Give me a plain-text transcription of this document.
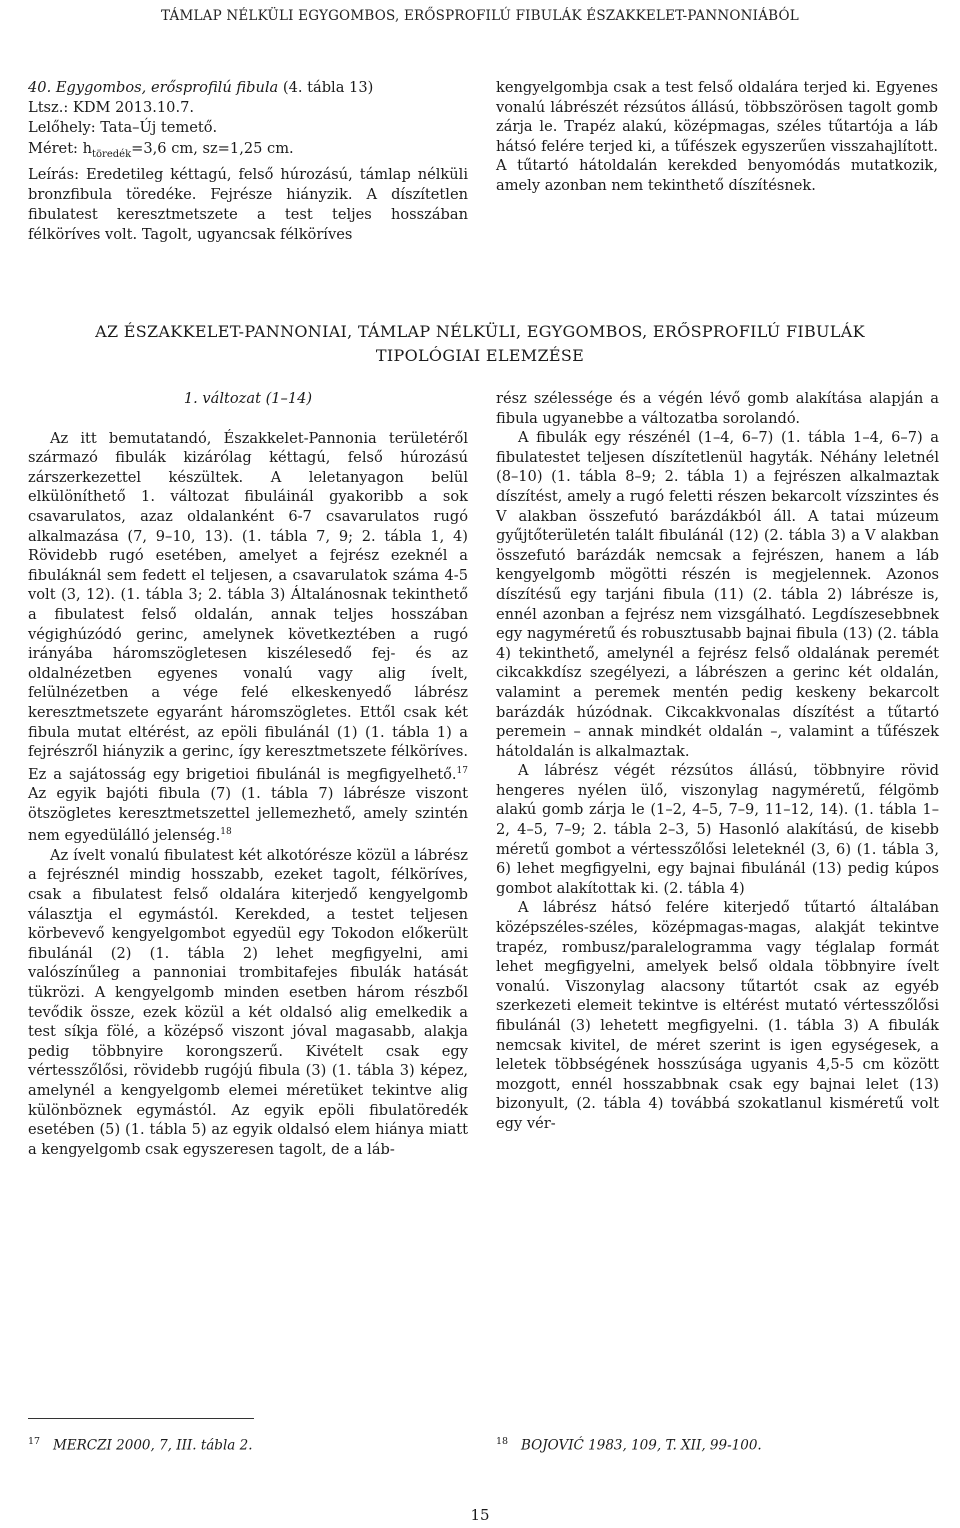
TÁMLAP NÉLKÜLI EGYGOMBOS, ERŐSPROFILÚ FIBULÁK ÉSZAKKELET-PANNONIÁBÓL

40. Egygombos, erősprofilú fibula (4. tábla 13)

Ltsz.: KDM 2013.10.7.

Lelőhely: Tata–Új temető.

Méret: $h_{töredék}=3,6$ cm, sz=1,25 cm.

Leírás: Eredetileg kéttagú, felső húrozású, támlap nélküli bronzfibula töredéke. Fejrésze hiányzik. A díszítetlen fibulatest keresztmetszete a test teljes hosszában félköríves volt. Tagolt, ugyancsak félköríves

kengyelgombja csak a test felső oldalára terjed ki. Egyenes vonalú lábrészét rézsútos állású, többszörösen tagolt gomb zárja le. Trapéz alakú, középmagas, széles tűtartója a láb hátsó felére terjed ki, a tűfészek egyszerűen visszahajlított. A tűtartó hátoldalán kerekded benyomódás mutatkozik, amely azonban nem tekinthető díszítésnek.

AZ ÉSZAKKELET-PANNONIAI, TÁMLAP NÉLKÜLI, EGYGOMBOS, ERŐSPROFILÚ FIBULÁK
TIPOLÓGIAI ELEMZÉSE

1. változat (1–14)

Az itt bemutatandó, Északkelet-Pannonia területéről származó fibulák kizárólag kéttagú, felső húrozású zárszerkezettel készültek. A leletanyagon belül elkülöníthető 1. változat fibuláinál gyakoribb a sok csavarulatos, azaz oldalanként 6-7 csavarulatos rugó alkalmazása (7, 9–10, 13). (1. tábla 7, 9; 2. tábla 1, 4) Rövidebb rugó esetében, amelyet a fejrész ezeknél a fibuláknál sem fedett el teljesen, a csavarulatok száma 4-5 volt (3, 12). (1. tábla 3; 2. tábla 3) Általánosnak tekinthető a fibulatest felső oldalán, annak teljes hosszában végighúzódó gerinc, amelynek következtében a rugó irányába háromszögletesen kiszélesedő fej- és az oldalnézetben egyenes vonalú vagy alig ívelt, felülnézetben a vége felé elkeskenyedő lábrész keresztmetszete egyaránt háromszögletes. Ettől csak két fibula mutat eltérést, az epöli fibulánál (1) (1. tábla 1) a fejrészről hiányzik a gerinc, így keresztmetszete félköríves. Ez a sajátosság egy brigetioi fibulánál is megfigyelhető.$^{17}$ Az egyik bajóti fibula (7) (1. tábla 7) lábrésze viszont ötszögletes keresztmetszettel jellemezhető, amely szintén nem egyedülálló jelenség.$^{18}$

Az ívelt vonalú fibulatest két alkotórésze közül a lábrész a fejrésznél mindig hosszabb, ezeket tagolt, félköríves, csak a fibulatest felső oldalára kiterjedő kengyelgomb választja el egymástól. Kerekded, a testet teljesen körbevevő kengyelgombot egyedül egy Tokodon előkerült fibulánál (2) (1. tábla 2) lehet megfigyelni, ami valószínűleg a pannoniai trombitafejes fibulák hatását tükrözi. A kengyelgomb minden esetben három részből tevődik össze, ezek közül a két oldalsó alig emelkedik a test síkja fölé, a középső viszont jóval magasabb, alakja pedig többnyire korongszerű. Kivételt csak egy vértesszőlősi, rövidebb rugójú fibula (3) (1. tábla 3) képez, amelynél a kengyelgomb elemei méretüket tekintve alig különböznek egymástól. Az egyik epöli fibulatöredék esetében (5) (1. tábla 5) az egyik oldalsó elem hiánya miatt a kengyelgomb csak egyszeresen tagolt, de a láb-

rész szélessége és a végén lévő gomb alakítása alapján a fibula ugyanebbe a változatba sorolandó.

A fibulák egy részénél (1–4, 6–7) (1. tábla 1–4, 6–7) a fibulatestet teljesen díszítetlenül hagyták. Néhány leletnél (8–10) (1. tábla 8–9; 2. tábla 1) a fejrészen alkalmaztak díszítést, amely a rugó feletti részen bekarcolt vízszintes és V alakban összefutó barázdákból áll. A tatai múzeum gyűjtőterületén talált fibulánál (12) (2. tábla 3) a V alakban összefutó barázdák nemcsak a fejrészen, hanem a láb kengyelgomb mögötti részén is megjelennek. Azonos díszítésű egy tarjáni fibula (11) (2. tábla 2) lábrésze is, ennél azonban a fejrész nem vizsgálható. Legdíszesebbnek egy nagyméretű és robusztusabb bajnai fibula (13) (2. tábla 4) tekinthető, amelynél a fejrész felső oldalának peremét cikcakkdísz szegélyezi, a lábrészen a gerinc két oldalán, valamint a peremek mentén pedig keskeny bekarcolt barázdák húzódnak. Cikcakkvonalas díszítést a tűtartó peremein – annak mindkét oldalán –, valamint a tűfészek hátoldalán is alkalmaztak.

A lábrész végét rézsútos állású, többnyire rövid hengeres nyélen ülő, viszonylag nagyméretű, félgömb alakú gomb zárja le (1–2, 4–5, 7–9, 11–12, 14). (1. tábla 1–2, 4–5, 7–9; 2. tábla 2–3, 5) Hasonló alakítású, de kisebb méretű gombot a vértesszőlősi leleteknél (3, 6) (1. tábla 3, 6) lehet megfigyelni, egy bajnai fibulánál (13) pedig kúpos gombot alakítottak ki. (2. tábla 4)

A lábrész hátsó felére kiterjedő tűtartó általában középszéles-széles, középmagas-magas, alakját tekintve trapéz, rombusz/paralelogramma vagy téglalap formát lehet megfigyelni, amelyek belső oldala többnyire ívelt vonalú. Viszonylag alacsony tűtartót csak az egyéb szerkezeti elemeit tekintve is eltérést mutató vértesszőlősi fibulánál (3) lehetett megfigyelni. (1. tábla 3) A fibulák nemcsak kivitel, de méret szerint is igen egységesek, a leletek többségének hosszúsága ugyanis 4,5-5 cm között mozgott, ennél hosszabbnak csak egy bajnai lelet (13) bizonyult, (2. tábla 4) továbbá szokatlanul kisméretű volt egy vér-

$^{17}$ MERCZI 2000, 7, III. tábla 2.	$^{18}$ BOJOVIĆ 1983, 109, T. XII, 99-100.
15
